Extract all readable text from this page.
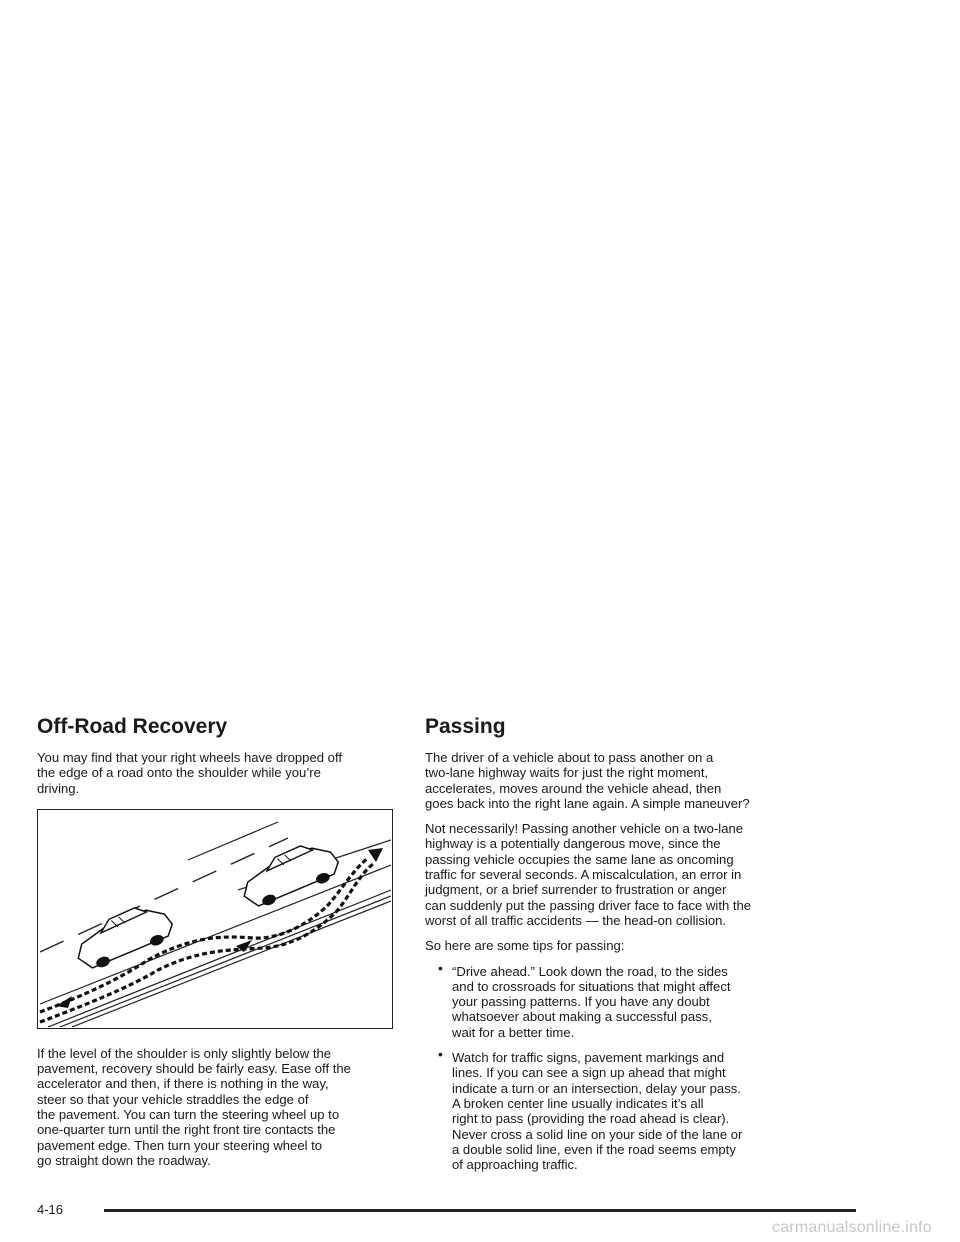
Off-Road Recovery

You may find that your right wheels have dropped off
the edge of a road onto the shoulder while you’re
driving.

If the level of the shoulder is only slightly below the
pavement, recovery should be fairly easy. Ease off the
accelerator and then, if there is nothing in the way,
steer so that your vehicle straddles the edge of
the pavement. You can turn the steering wheel up to
one-quarter turn until the right front tire contacts the
pavement edge. Then turn your steering wheel to
go straight down the roadway.

Passing

The driver of a vehicle about to pass another on a
two-lane highway waits for just the right moment,
accelerates, moves around the vehicle ahead, then
goes back into the right lane again. A simple maneuver?

Not necessarily! Passing another vehicle on a two-lane
highway is a potentially dangerous move, since the
passing vehicle occupies the same lane as oncoming
traffic for several seconds. A miscalculation, an error in
judgment, or a brief surrender to frustration or anger
can suddenly put the passing driver face to face with the
worst of all traffic accidents — the head-on collision.

So here are some tips for passing:

• “Drive ahead.” Look down the road, to the sides
and to crossroads for situations that might affect
your passing patterns. If you have any doubt
whatsoever about making a successful pass,
wait for a better time.
• Watch for traffic signs, pavement markings and
lines. If you can see a sign up ahead that might
indicate a turn or an intersection, delay your pass.
A broken center line usually indicates it’s all
right to pass (providing the road ahead is clear).
Never cross a solid line on your side of the lane or
a double solid line, even if the road seems empty
of approaching traffic.
4-16
carmanualsonline.info
